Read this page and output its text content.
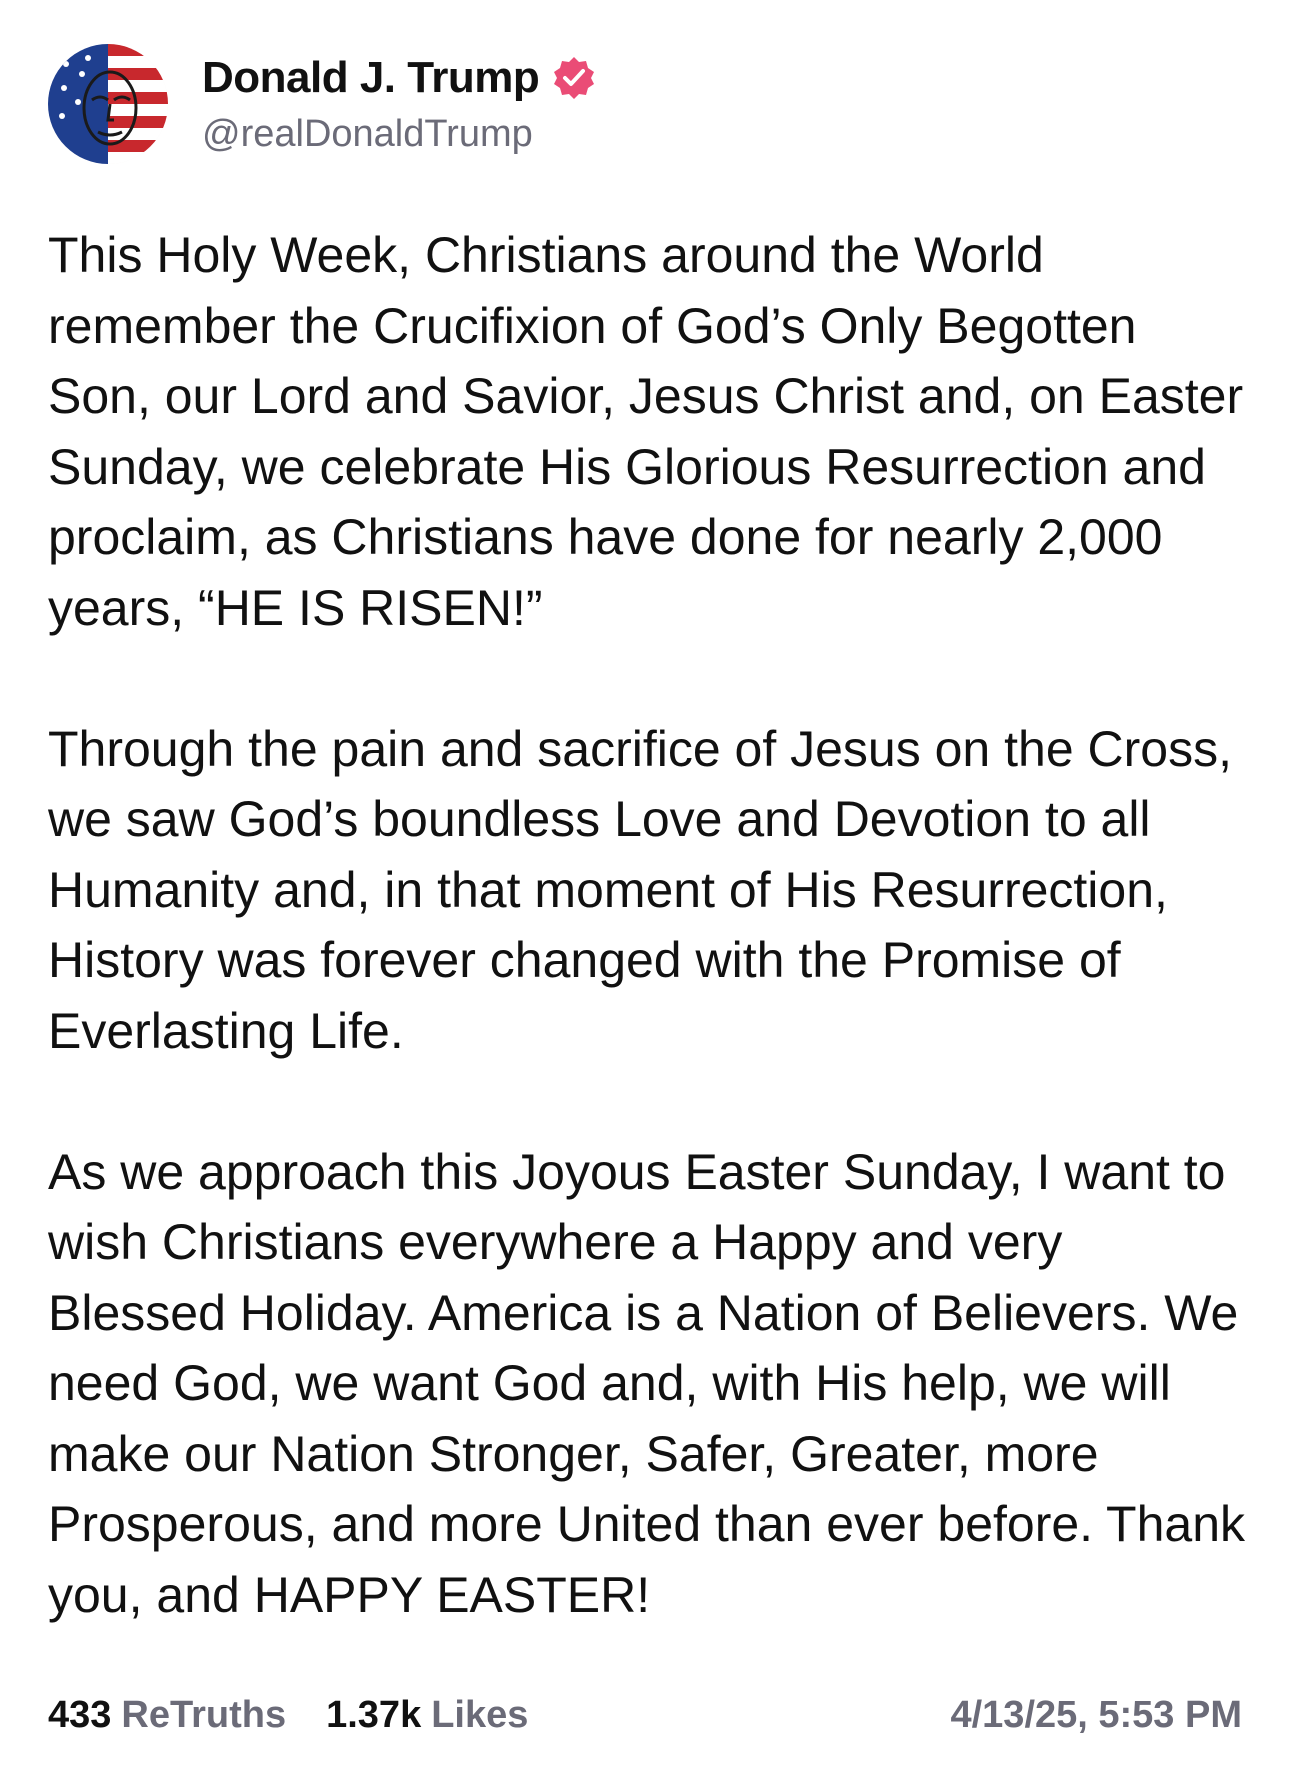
Donald J. Trump
@realDonaldTrump

This Holy Week, Christians around the World remember the Crucifixion of God’s Only Begotten Son, our Lord and Savior, Jesus Christ and, on Easter Sunday, we celebrate His Glorious Resurrection and proclaim, as Christians have done for nearly 2,000 years, “HE IS RISEN!”

Through the pain and sacrifice of Jesus on the Cross, we saw God’s boundless Love and Devotion to all Humanity and, in that moment of His Resurrection, History was forever changed with the Promise of Everlasting Life.

As we approach this Joyous Easter Sunday, I want to wish Christians everywhere a Happy and very Blessed Holiday. America is a Nation of Believers. We need God, we want God and, with His help, we will make our Nation Stronger, Safer, Greater, more Prosperous, and more United than ever before. Thank you, and HAPPY EASTER!

433 ReTruths 1.37k Likes	4/13/25, 5:53 PM
